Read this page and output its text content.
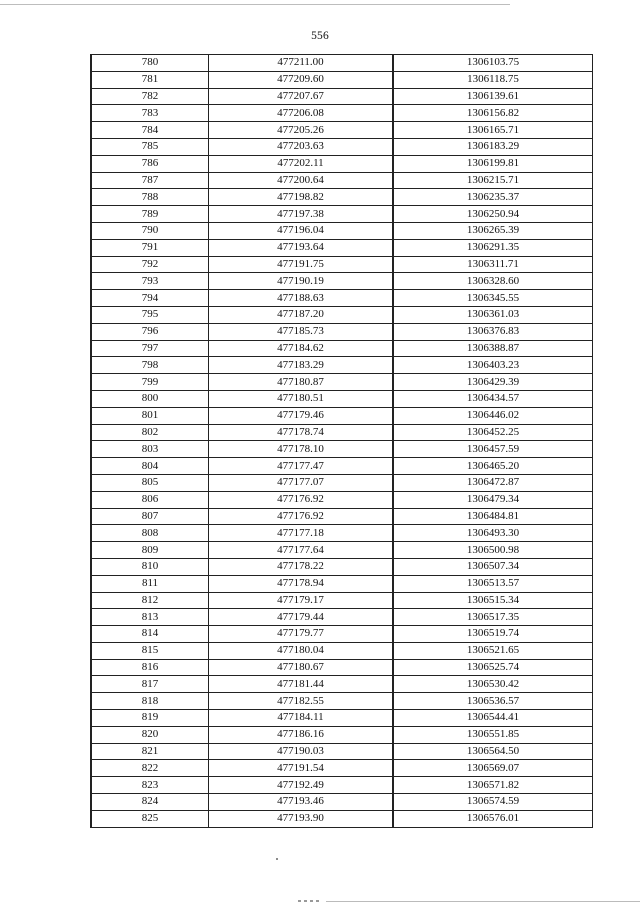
556
780	477211.00	1306103.75
781	477209.60	1306118.75
782	477207.67	1306139.61
783	477206.08	1306156.82
784	477205.26	1306165.71
785	477203.63	1306183.29
786	477202.11	1306199.81
787	477200.64	1306215.71
788	477198.82	1306235.37
789	477197.38	1306250.94
790	477196.04	1306265.39
791	477193.64	1306291.35
792	477191.75	1306311.71
793	477190.19	1306328.60
794	477188.63	1306345.55
795	477187.20	1306361.03
796	477185.73	1306376.83
797	477184.62	1306388.87
798	477183.29	1306403.23
799	477180.87	1306429.39
800	477180.51	1306434.57
801	477179.46	1306446.02
802	477178.74	1306452.25
803	477178.10	1306457.59
804	477177.47	1306465.20
805	477177.07	1306472.87
806	477176.92	1306479.34
807	477176.92	1306484.81
808	477177.18	1306493.30
809	477177.64	1306500.98
810	477178.22	1306507.34
811	477178.94	1306513.57
812	477179.17	1306515.34
813	477179.44	1306517.35
814	477179.77	1306519.74
815	477180.04	1306521.65
816	477180.67	1306525.74
817	477181.44	1306530.42
818	477182.55	1306536.57
819	477184.11	1306544.41
820	477186.16	1306551.85
821	477190.03	1306564.50
822	477191.54	1306569.07
823	477192.49	1306571.82
824	477193.46	1306574.59
825	477193.90	1306576.01
